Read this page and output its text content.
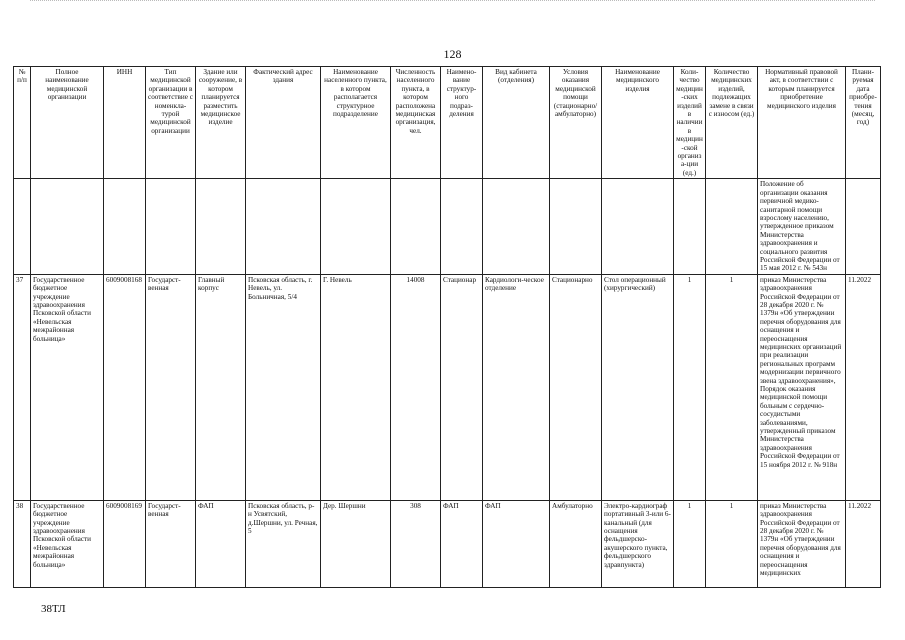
128
№ п/п	Полное наименование медицинской организации	ИНН	Тип медицинской организации в соответствие с номенкла-турой медицинской организации	Здание или сооружение, в котором планируется разместить медицинское изделие	Фактический адрес здания	Наименование населенного пункта, в котором располагается структурное подразделение	Численность населенного пункта, в котором расположена медицинская организация, чел.	Наимено-вание структур-ного подраз-деления	Вид кабинета (отделения)	Условия оказания медицинской помощи (стационарно/ амбулаторно)	Наименование медицинского изделия	Коли-чество медицин-ских изделий в наличии в медицин-ской организа-ции (ед.)	Количество медицинских изделий, подлежащих замене в связи с износом (ед.)	Нормативный правовой акт, в соответствии с которым планируется приобретение медицинского изделия	Плани-руемая дата приобре-тения (месяц, год)
														Положение об организации оказания первичной медико-санитарной помощи взрослому населению, утвержденное приказом Министерства здравоохранения и социального развития Российской Федерации от 15 мая 2012 г. № 543н	
37	Государственное бюджетное учреждение здравоохранения Псковской области «Невельская межрайонная больница»	6009008168	Государст-венная	Главный корпус	Псковская область, г. Невель, ул. Больничная, 5/4	Г. Невель	14008	Стационар	Кардиологи-ческое отделение	Стационарно	Стол операционный (хирургический)	1	1	приказ Министерства здравоохранения Российской Федерации от 28 декабря 2020 г. № 1379н «Об утверждении перечня оборудования для оснащения и переоснащения медицинских организаций при реализации региональных программ модернизации первичного звена здравоохранения», Порядок оказания медицинской помощи больным с сердечно-сосудистыми заболеваниями, утвержденный приказом Министерства здравоохранения Российской Федерации от 15 ноября 2012 г. № 918н	11.2022
38	Государственное бюджетное учреждение здравоохранения Псковской области «Невельская межрайонная больница»	6009008169	Государст-венная	ФАП	Псковская область, р-н Усвятский, д.Шершни, ул. Речная, 5	Дер. Шершни	308	ФАП	ФАП	Амбулаторно	Электро-кардиограф портативный 3-или 6-канальный (для оснащения фельдшерско-акушерского пункта, фельдшерского здравпункта)	1	1	приказ Министерства здравоохранения Российской Федерации от 28 декабря 2020 г. № 1379н «Об утверждении перечня оборудования для оснащения и переоснащения медицинских	11.2022
38ТЛ
